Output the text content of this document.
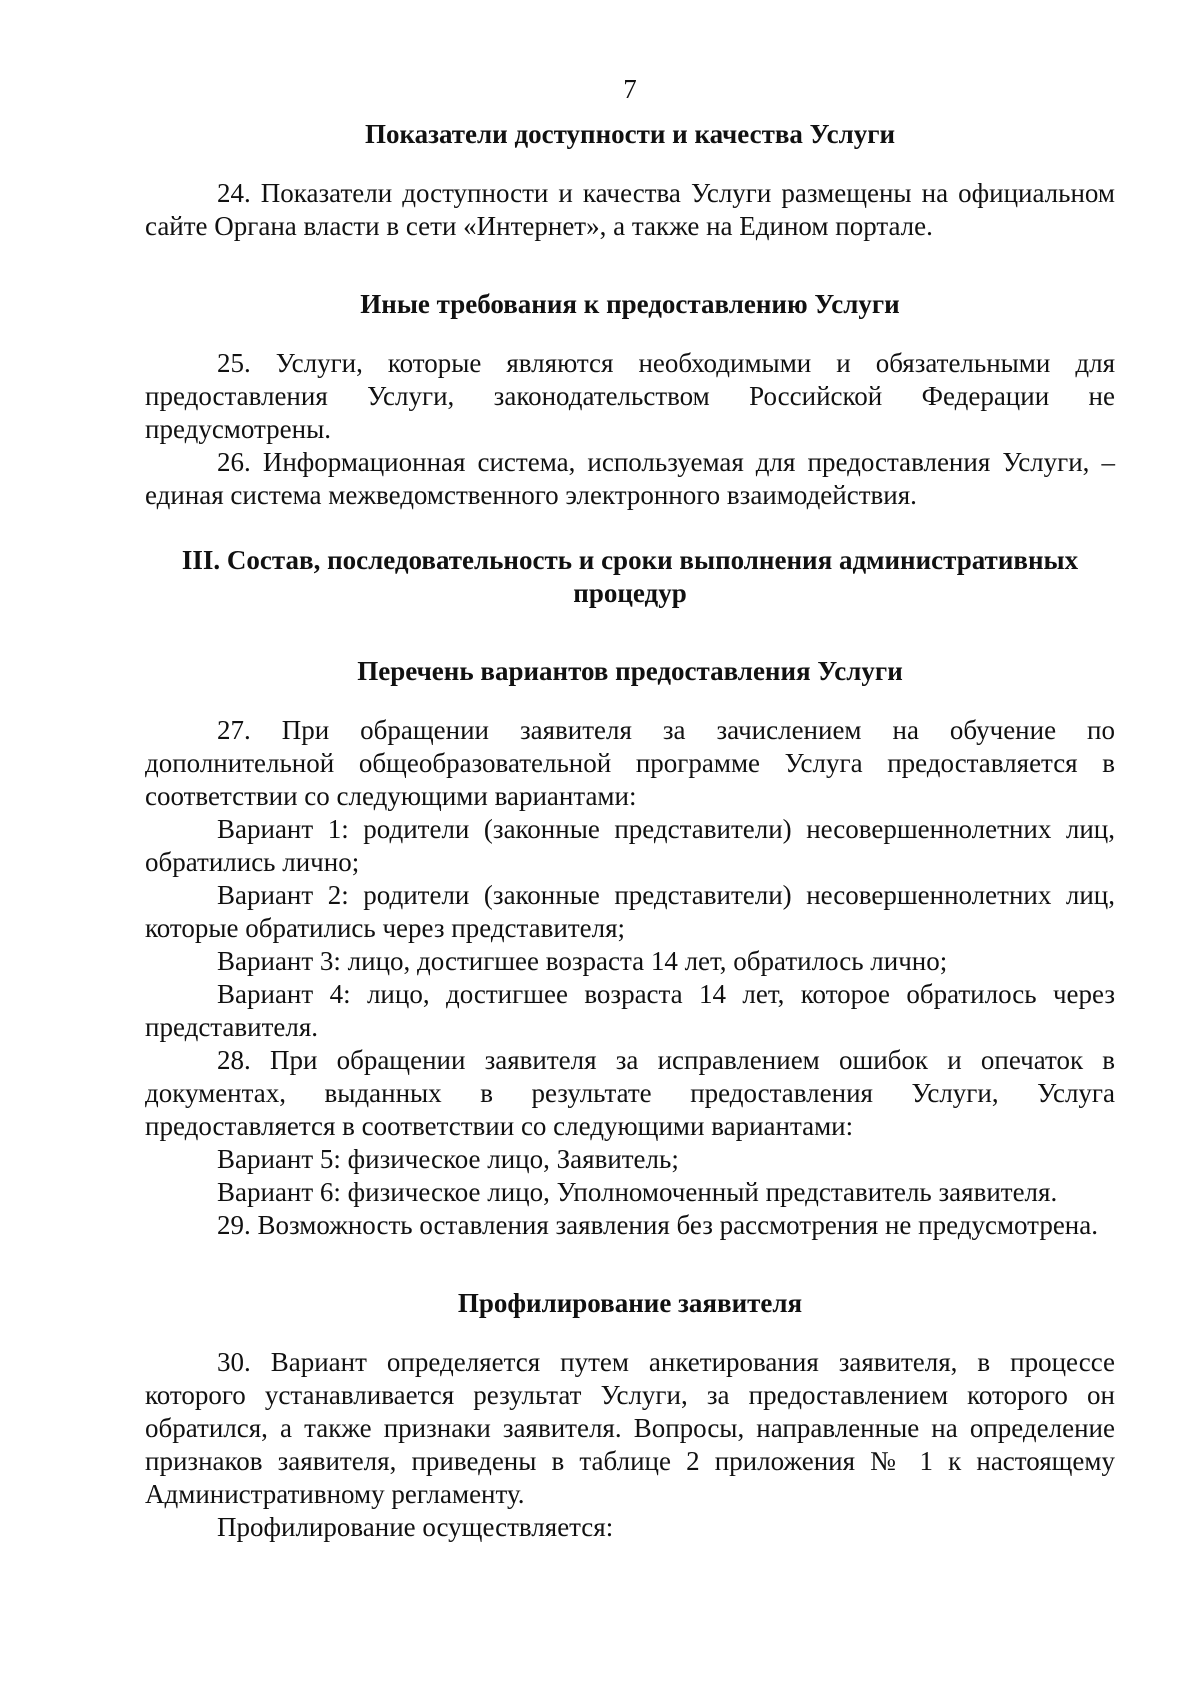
7

Показатели доступности и качества Услуги

24. Показатели доступности и качества Услуги размещены на официальном сайте Органа власти в сети «Интернет», а также на Едином портале.

Иные требования к предоставлению Услуги

25. Услуги, которые являются необходимыми и обязательными для предоставления Услуги, законодательством Российской Федерации не предусмотрены.

26. Информационная система, используемая для предоставления Услуги, – единая система межведомственного электронного взаимодействия.

III. Состав, последовательность и сроки выполнения административных процедур

Перечень вариантов предоставления Услуги

27. При обращении заявителя за зачислением на обучение по дополнительной общеобразовательной программе Услуга предоставляется в соответствии со следующими вариантами:

Вариант 1: родители (законные представители) несовершеннолетних лиц, обратились лично;

Вариант 2: родители (законные представители) несовершеннолетних лиц, которые обратились через представителя;

Вариант 3: лицо, достигшее возраста 14 лет, обратилось лично;

Вариант 4: лицо, достигшее возраста 14 лет, которое обратилось через представителя.

28. При обращении заявителя за исправлением ошибок и опечаток в документах, выданных в результате предоставления Услуги, Услуга предоставляется в соответствии со следующими вариантами:

Вариант 5: физическое лицо, Заявитель;

Вариант 6: физическое лицо, Уполномоченный представитель заявителя.

29. Возможность оставления заявления без рассмотрения не предусмотрена.

Профилирование заявителя

30. Вариант определяется путем анкетирования заявителя, в процессе которого устанавливается результат Услуги, за предоставлением которого он обратился, а также признаки заявителя. Вопросы, направленные на определение признаков заявителя, приведены в таблице 2 приложения № 1 к настоящему Административному регламенту.

Профилирование осуществляется:
